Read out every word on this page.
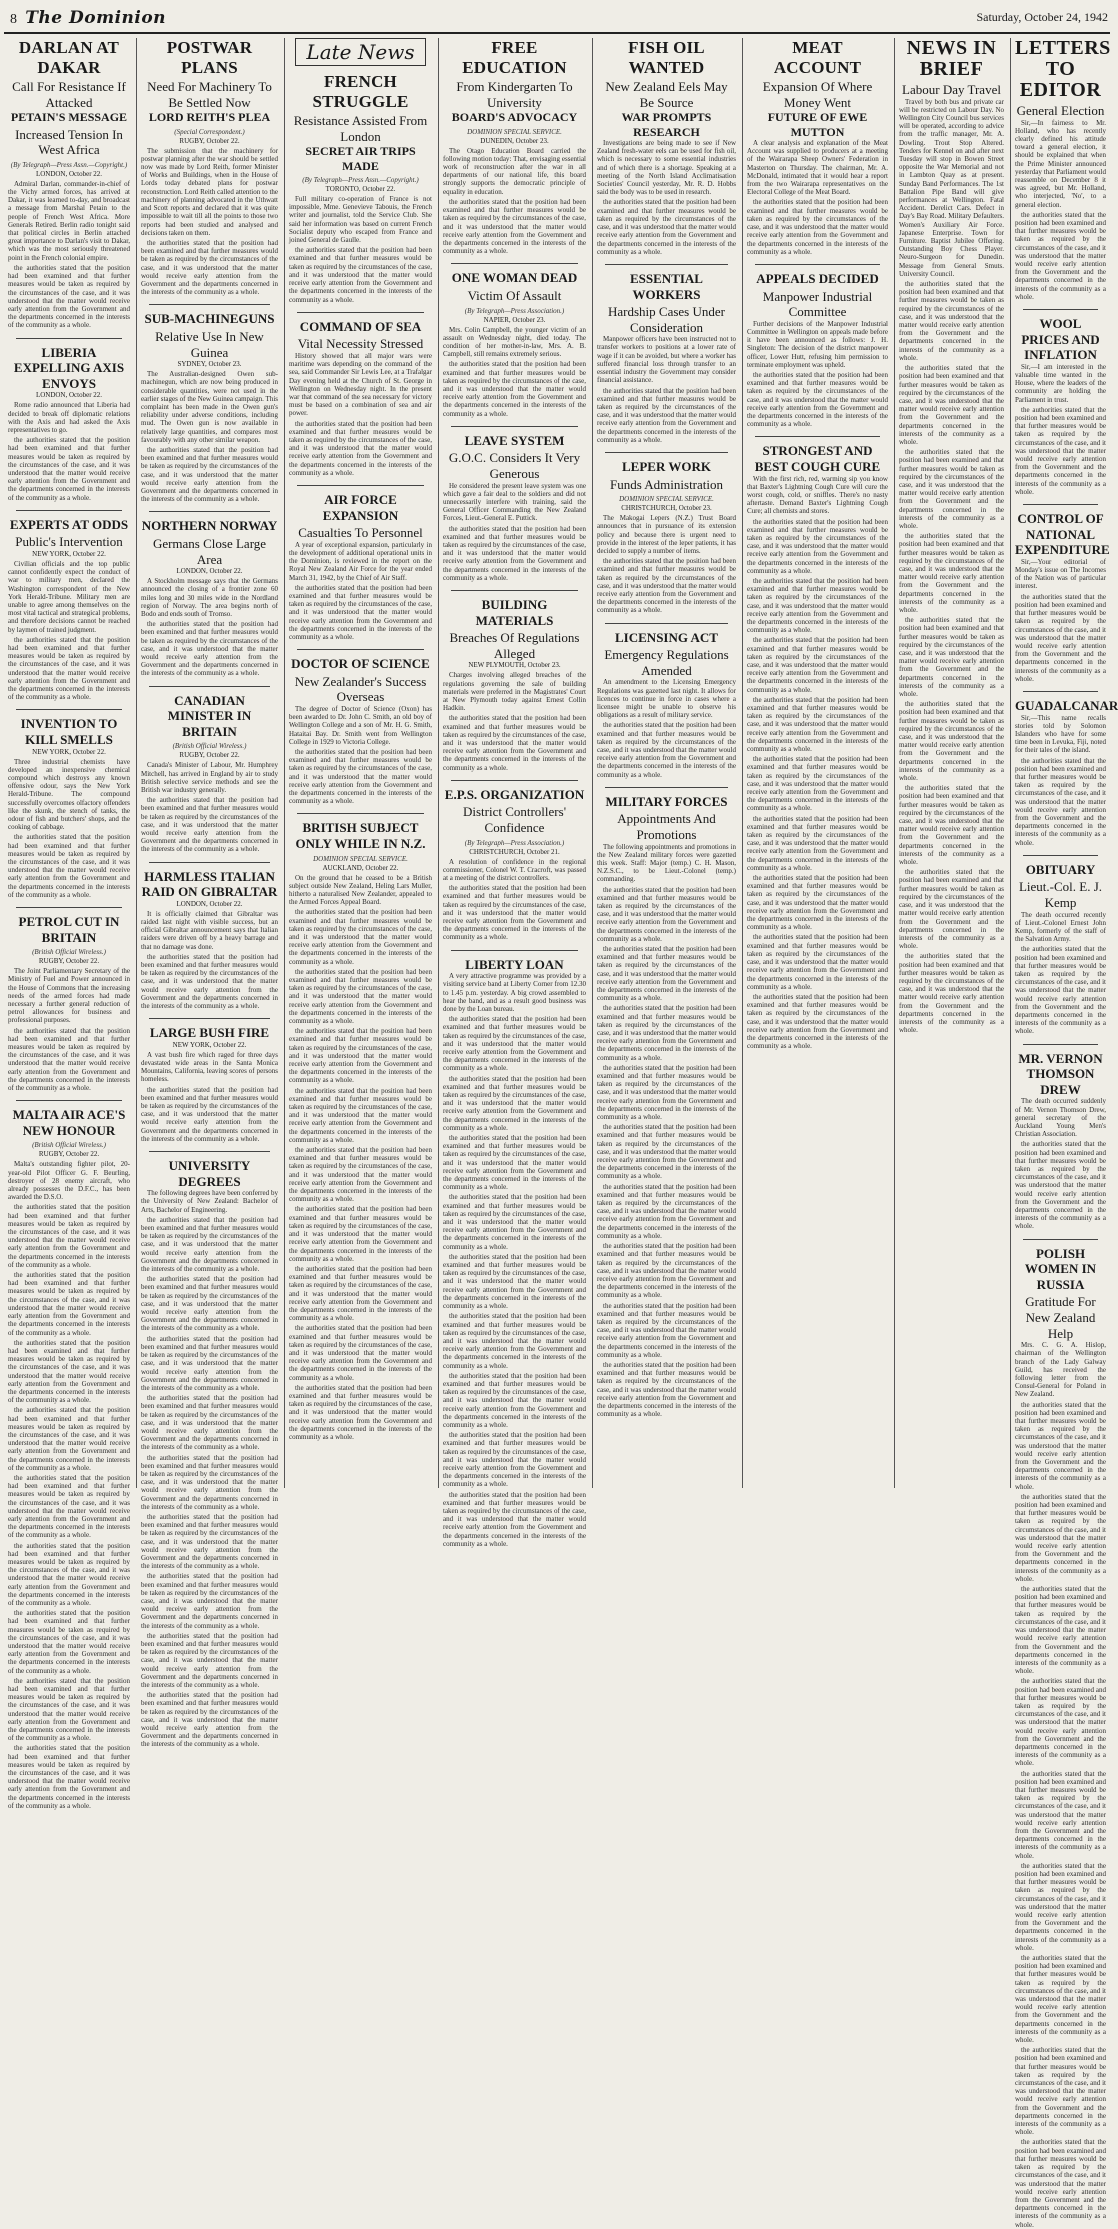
8 The Dominion	Saturday, October 24, 1942
DARLAN AT DAKAR
Call For Resistance If Attacked
PETAIN'S MESSAGE
Increased Tension In West Africa
(By Telegraph—Press Assn.—Copyright.)
LONDON, October 22.

Admiral Darlan, commander-in-chief of the Vichy armed forces, has arrived at Dakar, it was learned to-day, and broadcast a message from Marshal Petain to the people of French West Africa. More Generals Retired. Berlin radio tonight said that political circles in Berlin attached great importance to Darlan's visit to Dakar, which was the most seriously threatened point in the French colonial empire.

the authorities stated that the position had been examined and that further measures would be taken as required by the circumstances of the case, and it was understood that the matter would receive early attention from the Government and the departments concerned in the interests of the community as a whole.

LIBERIA EXPELLING AXIS ENVOYS
LONDON, October 22.

Rome radio announced that Liberia had decided to break off diplomatic relations with the Axis and had asked the Axis representatives to go.

the authorities stated that the position had been examined and that further measures would be taken as required by the circumstances of the case, and it was understood that the matter would receive early attention from the Government and the departments concerned in the interests of the community as a whole.

EXPERTS AT ODDS
Public's Intervention
NEW YORK, October 22.

Civilian officials and the top public cannot confidently expect the conduct of war to military men, declared the Washington correspondent of the New York Herald-Tribune. Military men are unable to agree among themselves on the most vital tactical and strategical problems, and therefore decisions cannot be reached by laymen of trained judgment.

the authorities stated that the position had been examined and that further measures would be taken as required by the circumstances of the case, and it was understood that the matter would receive early attention from the Government and the departments concerned in the interests of the community as a whole.

INVENTION TO KILL SMELLS
NEW YORK, October 22.

Three industrial chemists have developed an inexpensive chemical compound which destroys any known offensive odour, says the New York Herald-Tribune. The compound successfully overcomes olfactory offenders like the skunk, the stench of tanks, the odour of fish and butchers' shops, and the cooking of cabbage.

the authorities stated that the position had been examined and that further measures would be taken as required by the circumstances of the case, and it was understood that the matter would receive early attention from the Government and the departments concerned in the interests of the community as a whole.

PETROL CUT IN BRITAIN
(British Official Wireless.)
RUGBY, October 22.

The Joint Parliamentary Secretary of the Ministry of Fuel and Power announced in the House of Commons that the increasing needs of the armed forces had made necessary a further general reduction of petrol allowances for business and professional purposes.

the authorities stated that the position had been examined and that further measures would be taken as required by the circumstances of the case, and it was understood that the matter would receive early attention from the Government and the departments concerned in the interests of the community as a whole.

MALTA AIR ACE'S NEW HONOUR
(British Official Wireless.)
RUGBY, October 22.

Malta's outstanding fighter pilot, 20-year-old Pilot Officer G. F. Beurling, destroyer of 28 enemy aircraft, who already possesses the D.F.C., has been awarded the D.S.O.

the authorities stated that the position had been examined and that further measures would be taken as required by the circumstances of the case, and it was understood that the matter would receive early attention from the Government and the departments concerned in the interests of the community as a whole.

the authorities stated that the position had been examined and that further measures would be taken as required by the circumstances of the case, and it was understood that the matter would receive early attention from the Government and the departments concerned in the interests of the community as a whole.

the authorities stated that the position had been examined and that further measures would be taken as required by the circumstances of the case, and it was understood that the matter would receive early attention from the Government and the departments concerned in the interests of the community as a whole.

the authorities stated that the position had been examined and that further measures would be taken as required by the circumstances of the case, and it was understood that the matter would receive early attention from the Government and the departments concerned in the interests of the community as a whole.

the authorities stated that the position had been examined and that further measures would be taken as required by the circumstances of the case, and it was understood that the matter would receive early attention from the Government and the departments concerned in the interests of the community as a whole.

the authorities stated that the position had been examined and that further measures would be taken as required by the circumstances of the case, and it was understood that the matter would receive early attention from the Government and the departments concerned in the interests of the community as a whole.

the authorities stated that the position had been examined and that further measures would be taken as required by the circumstances of the case, and it was understood that the matter would receive early attention from the Government and the departments concerned in the interests of the community as a whole.

the authorities stated that the position had been examined and that further measures would be taken as required by the circumstances of the case, and it was understood that the matter would receive early attention from the Government and the departments concerned in the interests of the community as a whole.

the authorities stated that the position had been examined and that further measures would be taken as required by the circumstances of the case, and it was understood that the matter would receive early attention from the Government and the departments concerned in the interests of the community as a whole.

POSTWAR PLANS
Need For Machinery To Be Settled Now
LORD REITH'S PLEA
(Special Correspondent.)
RUGBY, October 22.

The submission that the machinery for postwar planning after the war should be settled now was made by Lord Reith, former Minister of Works and Buildings, when in the House of Lords today debated plans for postwar reconstruction. Lord Reith called attention to the machinery of planning advocated in the Uthwatt and Scott reports and declared that it was quite impossible to wait till all the points to those two reports had been studied and analysed and decisions taken on them.

the authorities stated that the position had been examined and that further measures would be taken as required by the circumstances of the case, and it was understood that the matter would receive early attention from the Government and the departments concerned in the interests of the community as a whole.

SUB-MACHINEGUNS
Relative Use In New Guinea
SYDNEY, October 23.

The Australian-designed Owen sub-machinegun, which are now being produced in considerable quantities, were not used in the earlier stages of the New Guinea campaign. This complaint has been made in the Owen gun's reliability under adverse conditions, including mud. The Owen gun is now available in relatively large quantities, and compares most favourably with any other similar weapon.

the authorities stated that the position had been examined and that further measures would be taken as required by the circumstances of the case, and it was understood that the matter would receive early attention from the Government and the departments concerned in the interests of the community as a whole.

NORTHERN NORWAY
Germans Close Large Area
LONDON, October 22.

A Stockholm message says that the Germans announced the closing of a frontier zone 60 miles long and 30 miles wide in the Nordland region of Norway. The area begins north of Bodo and ends south of Tromso.

the authorities stated that the position had been examined and that further measures would be taken as required by the circumstances of the case, and it was understood that the matter would receive early attention from the Government and the departments concerned in the interests of the community as a whole.

CANADIAN MINISTER IN BRITAIN
(British Official Wireless.)
RUGBY, October 22.

Canada's Minister of Labour, Mr. Humphrey Mitchell, has arrived in England by air to study British selective service methods and see the British war industry generally.

the authorities stated that the position had been examined and that further measures would be taken as required by the circumstances of the case, and it was understood that the matter would receive early attention from the Government and the departments concerned in the interests of the community as a whole.

HARMLESS ITALIAN RAID ON GIBRALTAR
LONDON, October 22.

It is officially claimed that Gibraltar was raided last night with visible success, but an official Gibraltar announcement says that Italian raiders were driven off by a heavy barrage and that no damage was done.

the authorities stated that the position had been examined and that further measures would be taken as required by the circumstances of the case, and it was understood that the matter would receive early attention from the Government and the departments concerned in the interests of the community as a whole.

LARGE BUSH FIRE
NEW YORK, October 22.

A vast bush fire which raged for three days devastated wide areas in the Santa Monica Mountains, California, leaving scores of persons homeless.

the authorities stated that the position had been examined and that further measures would be taken as required by the circumstances of the case, and it was understood that the matter would receive early attention from the Government and the departments concerned in the interests of the community as a whole.

UNIVERSITY DEGREES

The following degrees have been conferred by the University of New Zealand: Bachelor of Arts, Bachelor of Engineering.

the authorities stated that the position had been examined and that further measures would be taken as required by the circumstances of the case, and it was understood that the matter would receive early attention from the Government and the departments concerned in the interests of the community as a whole.

the authorities stated that the position had been examined and that further measures would be taken as required by the circumstances of the case, and it was understood that the matter would receive early attention from the Government and the departments concerned in the interests of the community as a whole.

the authorities stated that the position had been examined and that further measures would be taken as required by the circumstances of the case, and it was understood that the matter would receive early attention from the Government and the departments concerned in the interests of the community as a whole.

the authorities stated that the position had been examined and that further measures would be taken as required by the circumstances of the case, and it was understood that the matter would receive early attention from the Government and the departments concerned in the interests of the community as a whole.

the authorities stated that the position had been examined and that further measures would be taken as required by the circumstances of the case, and it was understood that the matter would receive early attention from the Government and the departments concerned in the interests of the community as a whole.

the authorities stated that the position had been examined and that further measures would be taken as required by the circumstances of the case, and it was understood that the matter would receive early attention from the Government and the departments concerned in the interests of the community as a whole.

the authorities stated that the position had been examined and that further measures would be taken as required by the circumstances of the case, and it was understood that the matter would receive early attention from the Government and the departments concerned in the interests of the community as a whole.

the authorities stated that the position had been examined and that further measures would be taken as required by the circumstances of the case, and it was understood that the matter would receive early attention from the Government and the departments concerned in the interests of the community as a whole.

the authorities stated that the position had been examined and that further measures would be taken as required by the circumstances of the case, and it was understood that the matter would receive early attention from the Government and the departments concerned in the interests of the community as a whole.

Late News
FRENCH STRUGGLE
Resistance Assisted From London
SECRET AIR TRIPS MADE
(By Telegraph—Press Assn.—Copyright.)
TORONTO, October 22.

Full military co-operation of France is not impossible, Mme. Genevieve Tabouis, the French writer and journalist, told the Service Club. She said her information was based on current French Socialist deputy who escaped from France and joined General de Gaulle.

the authorities stated that the position had been examined and that further measures would be taken as required by the circumstances of the case, and it was understood that the matter would receive early attention from the Government and the departments concerned in the interests of the community as a whole.

COMMAND OF SEA
Vital Necessity Stressed

History showed that all major wars were maritime wars depending on the command of the sea, said Commander Sir Lewis Lee, at a Trafalgar Day evening held at the Church of St. George in Wellington on Wednesday night. In the present war that command of the sea necessary for victory must be based on a combination of sea and air power.

the authorities stated that the position had been examined and that further measures would be taken as required by the circumstances of the case, and it was understood that the matter would receive early attention from the Government and the departments concerned in the interests of the community as a whole.

AIR FORCE EXPANSION
Casualties To Personnel

A year of exceptional expansion, particularly in the development of additional operational units in the Dominion, is reviewed in the report on the Royal New Zealand Air Force for the year ended March 31, 1942, by the Chief of Air Staff.

the authorities stated that the position had been examined and that further measures would be taken as required by the circumstances of the case, and it was understood that the matter would receive early attention from the Government and the departments concerned in the interests of the community as a whole.

DOCTOR OF SCIENCE
New Zealander's Success Overseas

The degree of Doctor of Science (Oxon) has been awarded to Dr. John C. Smith, an old boy of Wellington College and a son of Mr. H. G. Smith, Hataitai Bay. Dr. Smith went from Wellington College in 1929 to Victoria College.

the authorities stated that the position had been examined and that further measures would be taken as required by the circumstances of the case, and it was understood that the matter would receive early attention from the Government and the departments concerned in the interests of the community as a whole.

BRITISH SUBJECT ONLY WHILE IN N.Z.
DOMINION SPECIAL SERVICE.
AUCKLAND, October 22.

On the ground that he ceased to be a British subject outside New Zealand, Heling Lars Muller, hitherto a naturalised New Zealander, appealed to the Armed Forces Appeal Board.

the authorities stated that the position had been examined and that further measures would be taken as required by the circumstances of the case, and it was understood that the matter would receive early attention from the Government and the departments concerned in the interests of the community as a whole.

the authorities stated that the position had been examined and that further measures would be taken as required by the circumstances of the case, and it was understood that the matter would receive early attention from the Government and the departments concerned in the interests of the community as a whole.

the authorities stated that the position had been examined and that further measures would be taken as required by the circumstances of the case, and it was understood that the matter would receive early attention from the Government and the departments concerned in the interests of the community as a whole.

the authorities stated that the position had been examined and that further measures would be taken as required by the circumstances of the case, and it was understood that the matter would receive early attention from the Government and the departments concerned in the interests of the community as a whole.

the authorities stated that the position had been examined and that further measures would be taken as required by the circumstances of the case, and it was understood that the matter would receive early attention from the Government and the departments concerned in the interests of the community as a whole.

the authorities stated that the position had been examined and that further measures would be taken as required by the circumstances of the case, and it was understood that the matter would receive early attention from the Government and the departments concerned in the interests of the community as a whole.

the authorities stated that the position had been examined and that further measures would be taken as required by the circumstances of the case, and it was understood that the matter would receive early attention from the Government and the departments concerned in the interests of the community as a whole.

the authorities stated that the position had been examined and that further measures would be taken as required by the circumstances of the case, and it was understood that the matter would receive early attention from the Government and the departments concerned in the interests of the community as a whole.

the authorities stated that the position had been examined and that further measures would be taken as required by the circumstances of the case, and it was understood that the matter would receive early attention from the Government and the departments concerned in the interests of the community as a whole.

FREE EDUCATION
From Kindergarten To University
BOARD'S ADVOCACY
DOMINION SPECIAL SERVICE.
DUNEDIN, October 23.

The Otago Education Board carried the following motion today: That, envisaging essential work of reconstruction after the war in all departments of our national life, this board strongly supports the democratic principle of equality in education.

the authorities stated that the position had been examined and that further measures would be taken as required by the circumstances of the case, and it was understood that the matter would receive early attention from the Government and the departments concerned in the interests of the community as a whole.

ONE WOMAN DEAD
Victim Of Assault
(By Telegraph—Press Association.)
NAPIER, October 23.

Mrs. Colin Campbell, the younger victim of an assault on Wednesday night, died today. The condition of her mother-in-law, Mrs. A. B. Campbell, still remains extremely serious.

the authorities stated that the position had been examined and that further measures would be taken as required by the circumstances of the case, and it was understood that the matter would receive early attention from the Government and the departments concerned in the interests of the community as a whole.

LEAVE SYSTEM
G.O.C. Considers It Very Generous

He considered the present leave system was one which gave a fair deal to the soldiers and did not unnecessarily interfere with training, said the General Officer Commanding the New Zealand Forces, Lieut.-General E. Puttick.

the authorities stated that the position had been examined and that further measures would be taken as required by the circumstances of the case, and it was understood that the matter would receive early attention from the Government and the departments concerned in the interests of the community as a whole.

BUILDING MATERIALS
Breaches Of Regulations Alleged
NEW PLYMOUTH, October 23.

Charges involving alleged breaches of the regulations governing the sale of building materials were preferred in the Magistrates' Court at New Plymouth today against Ernest Collin Hadkin.

the authorities stated that the position had been examined and that further measures would be taken as required by the circumstances of the case, and it was understood that the matter would receive early attention from the Government and the departments concerned in the interests of the community as a whole.

E.P.S. ORGANIZATION
District Controllers' Confidence
(By Telegraph—Press Association.)
CHRISTCHURCH, October 21.

A resolution of confidence in the regional commissioner, Colonel W. T. Cracroft, was passed at a meeting of the district controllers.

the authorities stated that the position had been examined and that further measures would be taken as required by the circumstances of the case, and it was understood that the matter would receive early attention from the Government and the departments concerned in the interests of the community as a whole.

LIBERTY LOAN

A very attractive programme was provided by a visiting service band at Liberty Corner from 12.30 to 1.45 p.m. yesterday. A big crowd assembled to hear the band, and as a result good business was done by the Loan bureau.

the authorities stated that the position had been examined and that further measures would be taken as required by the circumstances of the case, and it was understood that the matter would receive early attention from the Government and the departments concerned in the interests of the community as a whole.

the authorities stated that the position had been examined and that further measures would be taken as required by the circumstances of the case, and it was understood that the matter would receive early attention from the Government and the departments concerned in the interests of the community as a whole.

the authorities stated that the position had been examined and that further measures would be taken as required by the circumstances of the case, and it was understood that the matter would receive early attention from the Government and the departments concerned in the interests of the community as a whole.

the authorities stated that the position had been examined and that further measures would be taken as required by the circumstances of the case, and it was understood that the matter would receive early attention from the Government and the departments concerned in the interests of the community as a whole.

the authorities stated that the position had been examined and that further measures would be taken as required by the circumstances of the case, and it was understood that the matter would receive early attention from the Government and the departments concerned in the interests of the community as a whole.

the authorities stated that the position had been examined and that further measures would be taken as required by the circumstances of the case, and it was understood that the matter would receive early attention from the Government and the departments concerned in the interests of the community as a whole.

the authorities stated that the position had been examined and that further measures would be taken as required by the circumstances of the case, and it was understood that the matter would receive early attention from the Government and the departments concerned in the interests of the community as a whole.

the authorities stated that the position had been examined and that further measures would be taken as required by the circumstances of the case, and it was understood that the matter would receive early attention from the Government and the departments concerned in the interests of the community as a whole.

the authorities stated that the position had been examined and that further measures would be taken as required by the circumstances of the case, and it was understood that the matter would receive early attention from the Government and the departments concerned in the interests of the community as a whole.

FISH OIL WANTED
New Zealand Eels May Be Source
WAR PROMPTS RESEARCH

Investigations are being made to see if New Zealand fresh-water eels can be used for fish oil, which is necessary to some essential industries and of which there is a shortage. Speaking at a meeting of the North Island Acclimatisation Societies' Council yesterday, Mr. R. D. Hobbs said the body was to be used in research.

the authorities stated that the position had been examined and that further measures would be taken as required by the circumstances of the case, and it was understood that the matter would receive early attention from the Government and the departments concerned in the interests of the community as a whole.

ESSENTIAL WORKERS
Hardship Cases Under Consideration

Manpower officers have been instructed not to transfer workers to positions at a lower rate of wage if it can be avoided, but where a worker has suffered financial loss through transfer to an essential industry the Government may consider financial assistance.

the authorities stated that the position had been examined and that further measures would be taken as required by the circumstances of the case, and it was understood that the matter would receive early attention from the Government and the departments concerned in the interests of the community as a whole.

LEPER WORK
Funds Administration
DOMINION SPECIAL SERVICE.
CHRISTCHURCH, October 23.

The Makogai Lepers (N.Z.) Trust Board announces that in pursuance of its extension policy and because there is urgent need to provide in the interest of the leper patients, it has decided to supply a number of items.

the authorities stated that the position had been examined and that further measures would be taken as required by the circumstances of the case, and it was understood that the matter would receive early attention from the Government and the departments concerned in the interests of the community as a whole.

LICENSING ACT
Emergency Regulations Amended

An amendment to the Licensing Emergency Regulations was gazetted last night. It allows for licences to continue in force in cases where a licensee might be unable to observe his obligations as a result of military service.

the authorities stated that the position had been examined and that further measures would be taken as required by the circumstances of the case, and it was understood that the matter would receive early attention from the Government and the departments concerned in the interests of the community as a whole.

MILITARY FORCES
Appointments And Promotions

The following appointments and promotions in the New Zealand military forces were gazetted this week. Staff: Major (temp.) C. H. Mason, N.Z.S.C., to be Lieut.-Colonel (temp.) commanding.

the authorities stated that the position had been examined and that further measures would be taken as required by the circumstances of the case, and it was understood that the matter would receive early attention from the Government and the departments concerned in the interests of the community as a whole.

the authorities stated that the position had been examined and that further measures would be taken as required by the circumstances of the case, and it was understood that the matter would receive early attention from the Government and the departments concerned in the interests of the community as a whole.

the authorities stated that the position had been examined and that further measures would be taken as required by the circumstances of the case, and it was understood that the matter would receive early attention from the Government and the departments concerned in the interests of the community as a whole.

the authorities stated that the position had been examined and that further measures would be taken as required by the circumstances of the case, and it was understood that the matter would receive early attention from the Government and the departments concerned in the interests of the community as a whole.

the authorities stated that the position had been examined and that further measures would be taken as required by the circumstances of the case, and it was understood that the matter would receive early attention from the Government and the departments concerned in the interests of the community as a whole.

the authorities stated that the position had been examined and that further measures would be taken as required by the circumstances of the case, and it was understood that the matter would receive early attention from the Government and the departments concerned in the interests of the community as a whole.

the authorities stated that the position had been examined and that further measures would be taken as required by the circumstances of the case, and it was understood that the matter would receive early attention from the Government and the departments concerned in the interests of the community as a whole.

the authorities stated that the position had been examined and that further measures would be taken as required by the circumstances of the case, and it was understood that the matter would receive early attention from the Government and the departments concerned in the interests of the community as a whole.

the authorities stated that the position had been examined and that further measures would be taken as required by the circumstances of the case, and it was understood that the matter would receive early attention from the Government and the departments concerned in the interests of the community as a whole.

MEAT ACCOUNT
Expansion Of Where Money Went
FUTURE OF EWE MUTTON

A clear analysis and explanation of the Meat Account was supplied to producers at a meeting of the Wairarapa Sheep Owners' Federation in Masterton on Thursday. The chairman, Mr. A. McDonald, intimated that it would hear a report from the two Wairarapa representatives on the Electoral College of the Meat Board.

the authorities stated that the position had been examined and that further measures would be taken as required by the circumstances of the case, and it was understood that the matter would receive early attention from the Government and the departments concerned in the interests of the community as a whole.

APPEALS DECIDED
Manpower Industrial Committee

Further decisions of the Manpower Industrial Committee in Wellington on appeals made before it have been announced as follows: J. H. Singleton: The decision of the district manpower officer, Lower Hutt, refusing him permission to terminate employment was upheld.

the authorities stated that the position had been examined and that further measures would be taken as required by the circumstances of the case, and it was understood that the matter would receive early attention from the Government and the departments concerned in the interests of the community as a whole.

STRONGEST AND BEST COUGH CURE

With the first rich, red, warming sip you know that Baxter's Lightning Cough Cure will cure the worst cough, cold, or sniffles. There's no nasty aftertaste. Demand Baxter's Lightning Cough Cure; all chemists and stores.

the authorities stated that the position had been examined and that further measures would be taken as required by the circumstances of the case, and it was understood that the matter would receive early attention from the Government and the departments concerned in the interests of the community as a whole.

the authorities stated that the position had been examined and that further measures would be taken as required by the circumstances of the case, and it was understood that the matter would receive early attention from the Government and the departments concerned in the interests of the community as a whole.

the authorities stated that the position had been examined and that further measures would be taken as required by the circumstances of the case, and it was understood that the matter would receive early attention from the Government and the departments concerned in the interests of the community as a whole.

the authorities stated that the position had been examined and that further measures would be taken as required by the circumstances of the case, and it was understood that the matter would receive early attention from the Government and the departments concerned in the interests of the community as a whole.

the authorities stated that the position had been examined and that further measures would be taken as required by the circumstances of the case, and it was understood that the matter would receive early attention from the Government and the departments concerned in the interests of the community as a whole.

the authorities stated that the position had been examined and that further measures would be taken as required by the circumstances of the case, and it was understood that the matter would receive early attention from the Government and the departments concerned in the interests of the community as a whole.

the authorities stated that the position had been examined and that further measures would be taken as required by the circumstances of the case, and it was understood that the matter would receive early attention from the Government and the departments concerned in the interests of the community as a whole.

the authorities stated that the position had been examined and that further measures would be taken as required by the circumstances of the case, and it was understood that the matter would receive early attention from the Government and the departments concerned in the interests of the community as a whole.

the authorities stated that the position had been examined and that further measures would be taken as required by the circumstances of the case, and it was understood that the matter would receive early attention from the Government and the departments concerned in the interests of the community as a whole.

NEWS IN BRIEF
Labour Day Travel

Travel by both bus and private car will be restricted on Labour Day. No Wellington City Council bus services will be operated, according to advice from the traffic manager, Mr. A. Dowling. Trout Stop Altered. Tenders for Kennel on and after next Tuesday will stop in Bowen Street opposite the War Memorial and not in Lambton Quay as at present. Sunday Band Performances. The 1st Battalion Pipe Band will give performances at Wellington. Fatal Accident. Derelict Cars. Defect in Day's Bay Road. Military Defaulters. Women's Auxiliary Air Force. Japanese Enterprise. Town for Furniture. Baptist Jubilee Offering. Outstanding Boy Chess Player. Neuro-Surgeon for Dunedin. Message from General Smuts. University Council.

the authorities stated that the position had been examined and that further measures would be taken as required by the circumstances of the case, and it was understood that the matter would receive early attention from the Government and the departments concerned in the interests of the community as a whole.

the authorities stated that the position had been examined and that further measures would be taken as required by the circumstances of the case, and it was understood that the matter would receive early attention from the Government and the departments concerned in the interests of the community as a whole.

the authorities stated that the position had been examined and that further measures would be taken as required by the circumstances of the case, and it was understood that the matter would receive early attention from the Government and the departments concerned in the interests of the community as a whole.

the authorities stated that the position had been examined and that further measures would be taken as required by the circumstances of the case, and it was understood that the matter would receive early attention from the Government and the departments concerned in the interests of the community as a whole.

the authorities stated that the position had been examined and that further measures would be taken as required by the circumstances of the case, and it was understood that the matter would receive early attention from the Government and the departments concerned in the interests of the community as a whole.

the authorities stated that the position had been examined and that further measures would be taken as required by the circumstances of the case, and it was understood that the matter would receive early attention from the Government and the departments concerned in the interests of the community as a whole.

the authorities stated that the position had been examined and that further measures would be taken as required by the circumstances of the case, and it was understood that the matter would receive early attention from the Government and the departments concerned in the interests of the community as a whole.

the authorities stated that the position had been examined and that further measures would be taken as required by the circumstances of the case, and it was understood that the matter would receive early attention from the Government and the departments concerned in the interests of the community as a whole.

the authorities stated that the position had been examined and that further measures would be taken as required by the circumstances of the case, and it was understood that the matter would receive early attention from the Government and the departments concerned in the interests of the community as a whole.

LETTERS TO EDITOR
General Election

Sir,—In fairness to Mr. Holland, who has recently clearly defined his attitude toward a general election, it should be explained that when the Prime Minister announced yesterday that Parliament would reassemble on December 8 it was agreed, but Mr. Holland, who interjected, 'No', to a general election.

the authorities stated that the position had been examined and that further measures would be taken as required by the circumstances of the case, and it was understood that the matter would receive early attention from the Government and the departments concerned in the interests of the community as a whole.

WOOL PRICES AND INFLATION

Sir,—I am interested in the valuable time wanted in the House, where the leaders of the community are holding the Parliament in trust.

the authorities stated that the position had been examined and that further measures would be taken as required by the circumstances of the case, and it was understood that the matter would receive early attention from the Government and the departments concerned in the interests of the community as a whole.

CONTROL OF NATIONAL EXPENDITURE

Sir,—Your editorial of Monday's issue on The Incomes of the Nation was of particular interest.

the authorities stated that the position had been examined and that further measures would be taken as required by the circumstances of the case, and it was understood that the matter would receive early attention from the Government and the departments concerned in the interests of the community as a whole.

GUADALCANAR

Sir,—This name recalls stories told by Solomon Islanders who have for some time been in Levuka, Fiji, noted for their tales of the island.

the authorities stated that the position had been examined and that further measures would be taken as required by the circumstances of the case, and it was understood that the matter would receive early attention from the Government and the departments concerned in the interests of the community as a whole.

OBITUARY
Lieut.-Col. E. J. Kemp

The death occurred recently of Lieut.-Colonel Ernest John Kemp, formerly of the staff of the Salvation Army.

the authorities stated that the position had been examined and that further measures would be taken as required by the circumstances of the case, and it was understood that the matter would receive early attention from the Government and the departments concerned in the interests of the community as a whole.

MR. VERNON THOMSON DREW

The death occurred suddenly of Mr. Vernon Thomson Drew, general secretary of the Auckland Young Men's Christian Association.

the authorities stated that the position had been examined and that further measures would be taken as required by the circumstances of the case, and it was understood that the matter would receive early attention from the Government and the departments concerned in the interests of the community as a whole.

POLISH WOMEN IN RUSSIA
Gratitude For New Zealand Help

Mrs. C. G. A. Hislop, chairman of the Wellington branch of the Lady Galway Guild, has received the following letter from the Consul-General for Poland in New Zealand.

the authorities stated that the position had been examined and that further measures would be taken as required by the circumstances of the case, and it was understood that the matter would receive early attention from the Government and the departments concerned in the interests of the community as a whole.

the authorities stated that the position had been examined and that further measures would be taken as required by the circumstances of the case, and it was understood that the matter would receive early attention from the Government and the departments concerned in the interests of the community as a whole.

the authorities stated that the position had been examined and that further measures would be taken as required by the circumstances of the case, and it was understood that the matter would receive early attention from the Government and the departments concerned in the interests of the community as a whole.

the authorities stated that the position had been examined and that further measures would be taken as required by the circumstances of the case, and it was understood that the matter would receive early attention from the Government and the departments concerned in the interests of the community as a whole.

the authorities stated that the position had been examined and that further measures would be taken as required by the circumstances of the case, and it was understood that the matter would receive early attention from the Government and the departments concerned in the interests of the community as a whole.

the authorities stated that the position had been examined and that further measures would be taken as required by the circumstances of the case, and it was understood that the matter would receive early attention from the Government and the departments concerned in the interests of the community as a whole.

the authorities stated that the position had been examined and that further measures would be taken as required by the circumstances of the case, and it was understood that the matter would receive early attention from the Government and the departments concerned in the interests of the community as a whole.

the authorities stated that the position had been examined and that further measures would be taken as required by the circumstances of the case, and it was understood that the matter would receive early attention from the Government and the departments concerned in the interests of the community as a whole.

the authorities stated that the position had been examined and that further measures would be taken as required by the circumstances of the case, and it was understood that the matter would receive early attention from the Government and the departments concerned in the interests of the community as a whole.
